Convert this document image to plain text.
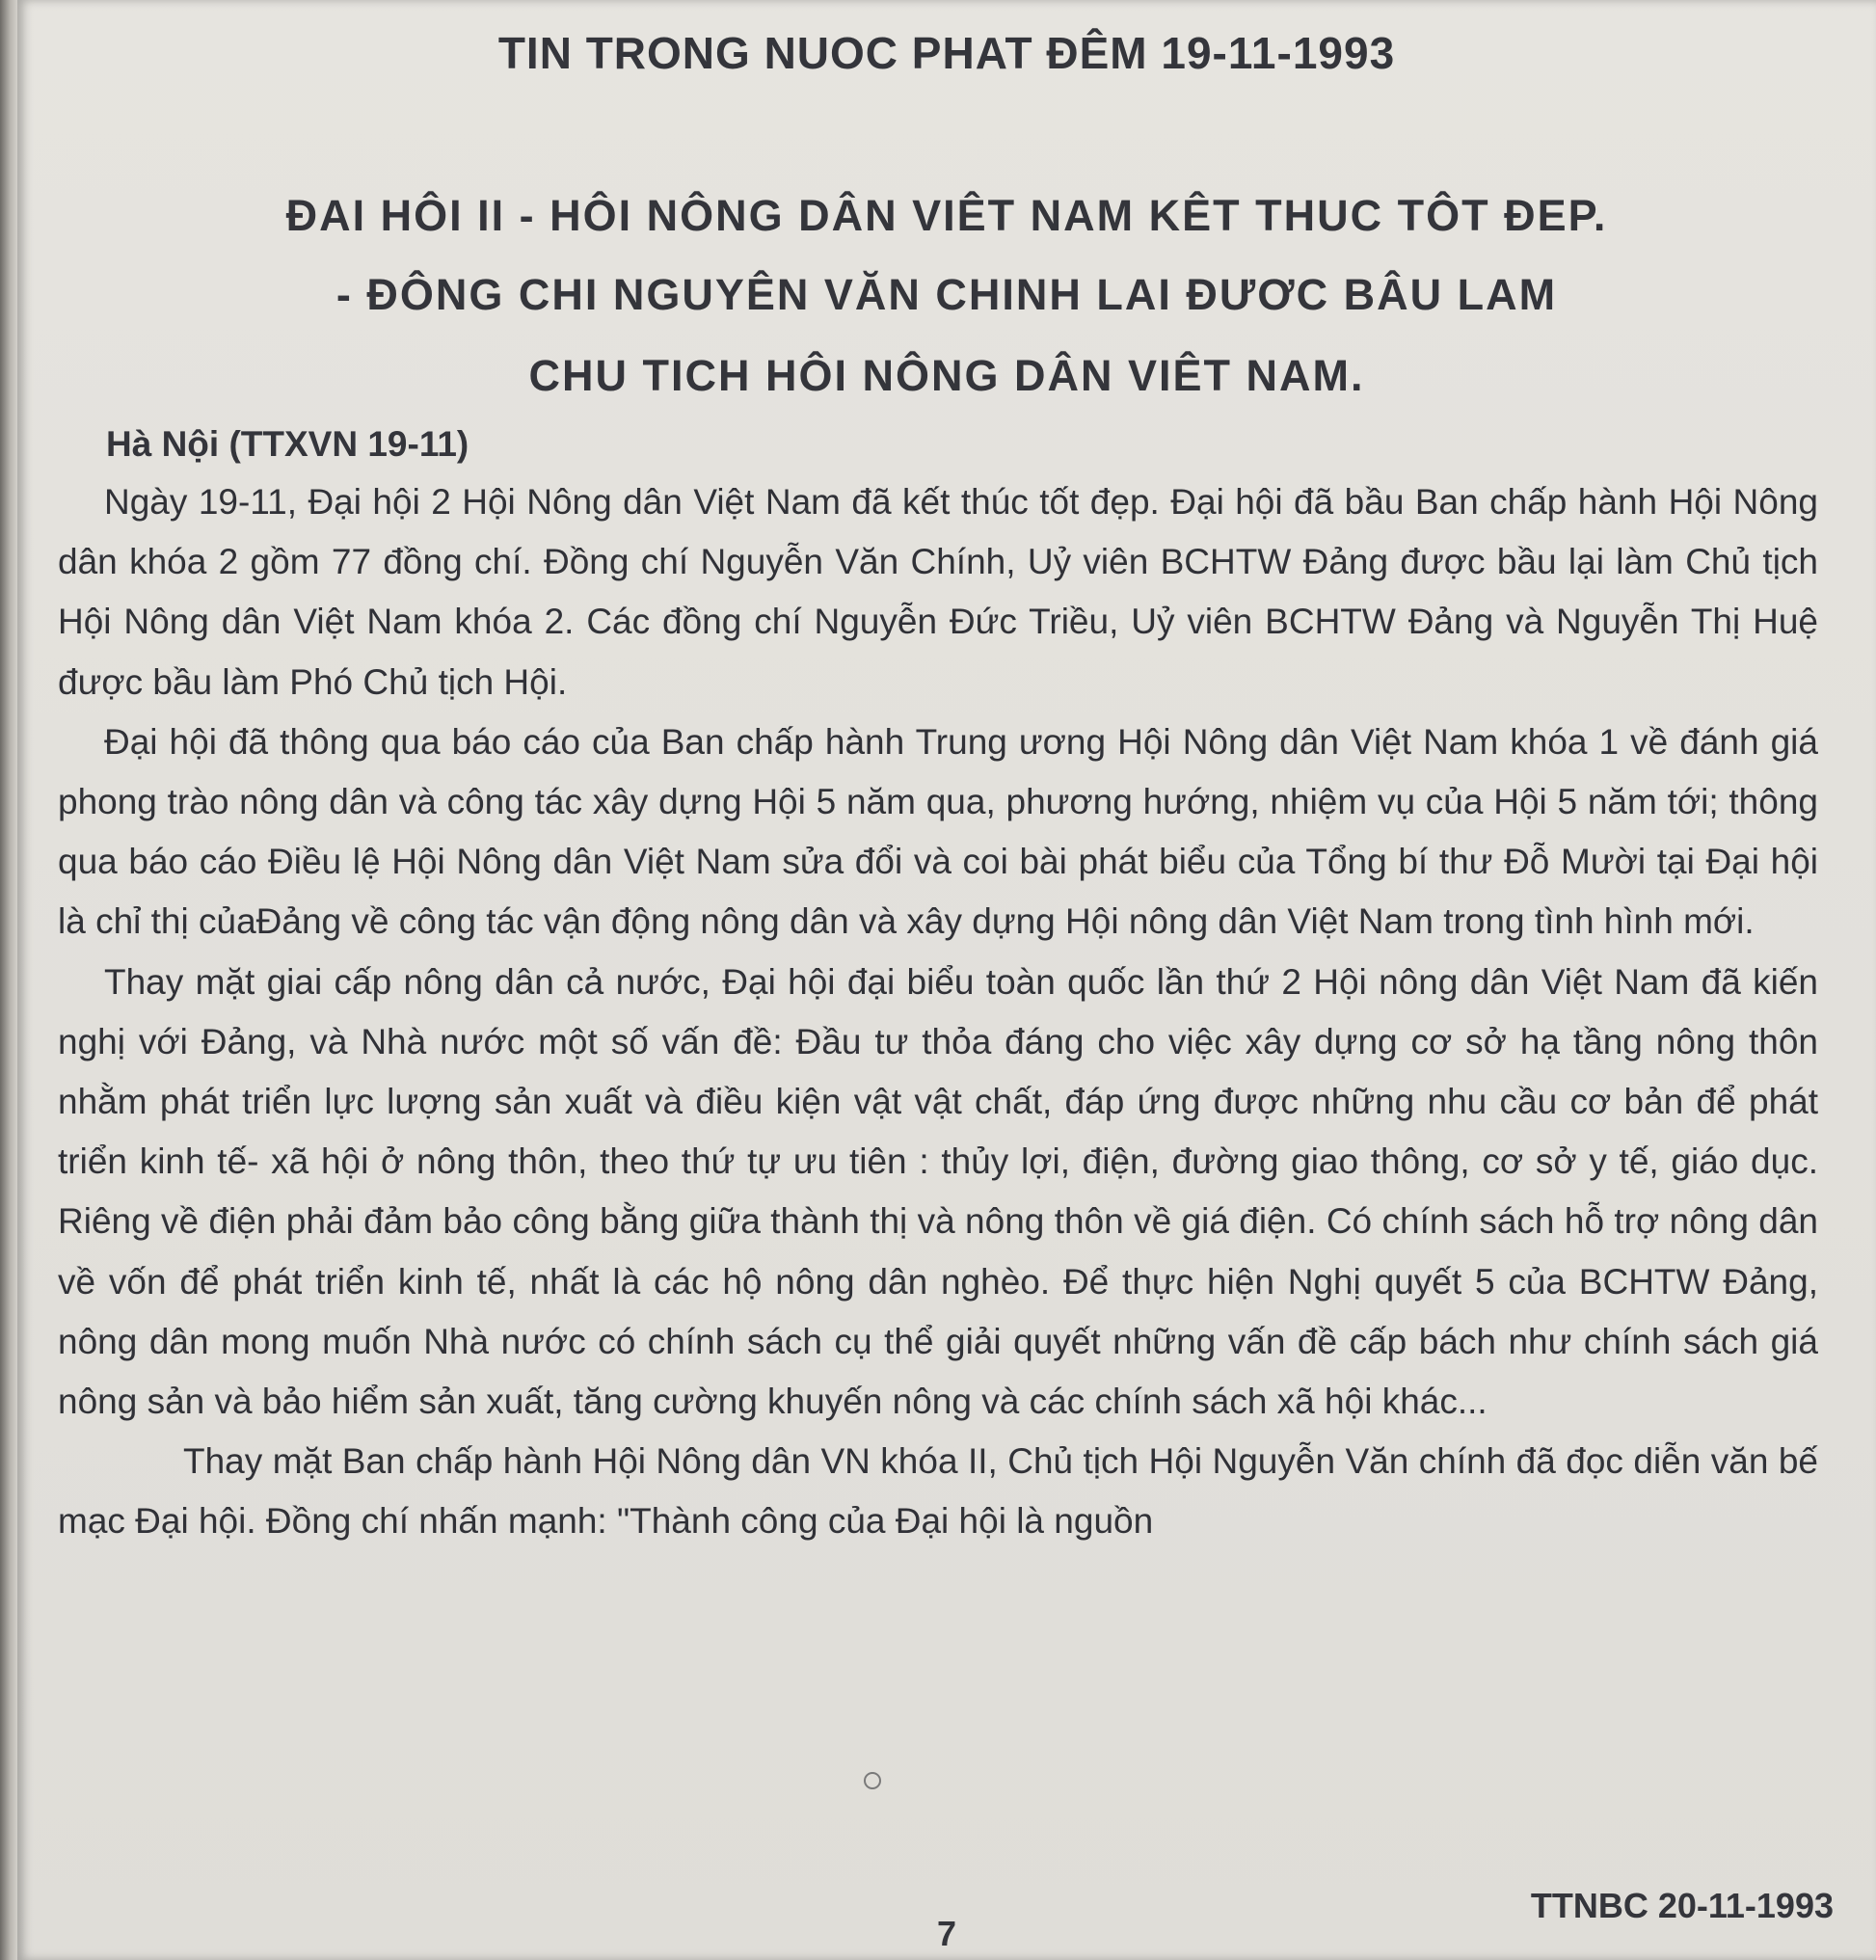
TIN TRONG NUOC PHAT ĐÊM 19-11-1993
ĐAI HÔI II - HÔI NÔNG DÂN VIÊT NAM KÊT THUC TÔT ĐEP.
- ĐÔNG CHI NGUYÊN VĂN CHINH LAI ĐƯƠC BÂU LAM
CHU TICH HÔI NÔNG DÂN VIÊT NAM.
Hà Nội (TTXVN 19-11)

Ngày 19-11, Đại hội 2 Hội Nông dân Việt Nam đã kết thúc tốt đẹp. Đại hội đã bầu Ban chấp hành Hội Nông dân khóa 2 gồm 77 đồng chí. Đồng chí Nguyễn Văn Chính, Uỷ viên BCHTW Đảng được bầu lại làm Chủ tịch Hội Nông dân Việt Nam khóa 2. Các đồng chí Nguyễn Đức Triều, Uỷ viên BCHTW Đảng và Nguyễn Thị Huệ được bầu làm Phó Chủ tịch Hội.

Đại hội đã thông qua báo cáo của Ban chấp hành Trung ương Hội Nông dân Việt Nam khóa 1 về đánh giá phong trào nông dân và công tác xây dựng Hội 5 năm qua, phương hướng, nhiệm vụ của Hội 5 năm tới; thông qua báo cáo Điều lệ Hội Nông dân Việt Nam sửa đổi và coi bài phát biểu của Tổng bí thư Đỗ Mười tại Đại hội là chỉ thị củaĐảng về công tác vận động nông dân và xây dựng Hội nông dân Việt Nam trong tình hình mới.

Thay mặt giai cấp nông dân cả nước, Đại hội đại biểu toàn quốc lần thứ 2 Hội nông dân Việt Nam đã kiến nghị với Đảng, và Nhà nước một số vấn đề: Đầu tư thỏa đáng cho việc xây dựng cơ sở hạ tầng nông thôn nhằm phát triển lực lượng sản xuất và điều kiện vật vật chất, đáp ứng được những nhu cầu cơ bản để phát triển kinh tế- xã hội ở nông thôn, theo thứ tự ưu tiên : thủy lợi, điện, đường giao thông, cơ sở y tế, giáo dục. Riêng về điện phải đảm bảo công bằng giữa thành thị và nông thôn về giá điện. Có chính sách hỗ trợ nông dân về vốn để phát triển kinh tế, nhất là các hộ nông dân nghèo. Để thực hiện Nghị quyết 5 của BCHTW Đảng, nông dân mong muốn Nhà nước có chính sách cụ thể giải quyết những vấn đề cấp bách như chính sách giá nông sản và bảo hiểm sản xuất, tăng cường khuyến nông và các chính sách xã hội khác...

Thay mặt Ban chấp hành Hội Nông dân VN khóa II, Chủ tịch Hội Nguyễn Văn chính đã đọc diễn văn bế mạc Đại hội. Đồng chí nhấn mạnh: "Thành công của Đại hội là nguồn

7
TTNBC 20-11-1993
